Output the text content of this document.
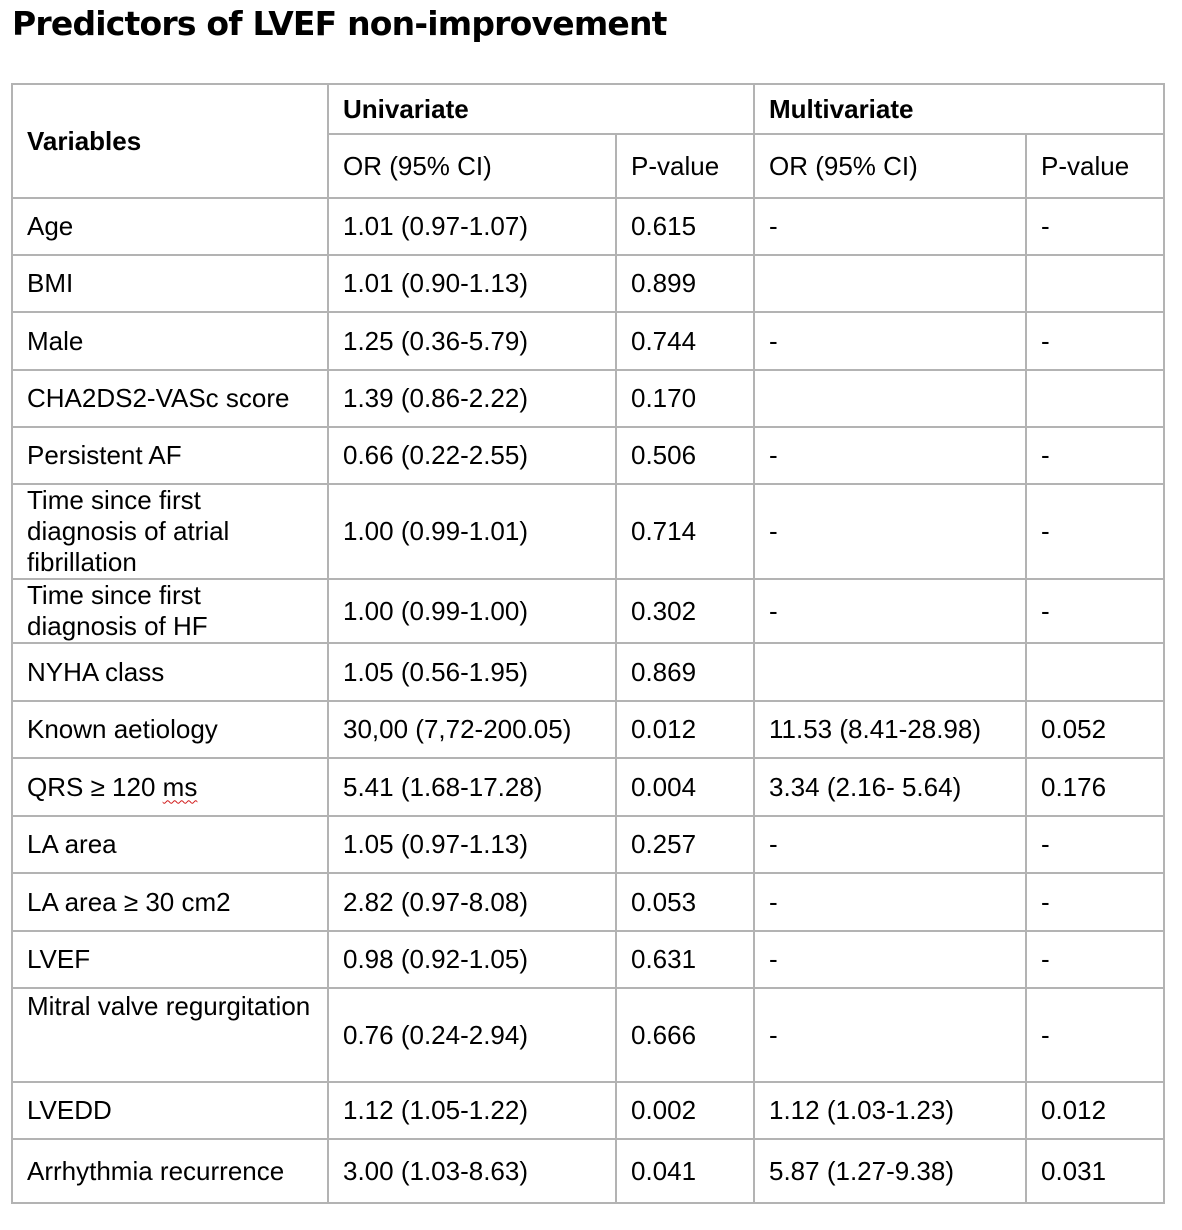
Predictors of LVEF non-improvement
Variables	Univariate		Multivariate	
	OR (95% CI)	P-value	OR (95% CI)	P-value
Age	1.01 (0.97-1.07)	0.615	-	-
BMI	1.01 (0.90-1.13)	0.899		
Male	1.25 (0.36-5.79)	0.744	-	-
CHA2DS2-VASc score	1.39 (0.86-2.22)	0.170		
Persistent AF	0.66 (0.22-2.55)	0.506	-	-
Time since first diagnosis of atrial fibrillation	1.00 (0.99-1.01)	0.714	-	-
Time since first diagnosis of HF	1.00 (0.99-1.00)	0.302	-	-
NYHA class	1.05 (0.56-1.95)	0.869		
Known aetiology	30,00 (7,72-200.05)	0.012	11.53 (8.41-28.98)	0.052
QRS ≥ 120 ms	5.41 (1.68-17.28)	0.004	3.34 (2.16- 5.64)	0.176
LA area	1.05 (0.97-1.13)	0.257	-	-
LA area ≥ 30 cm2	2.82 (0.97-8.08)	0.053	-	-
LVEF	0.98 (0.92-1.05)	0.631	-	-
Mitral valve regurgitation	0.76 (0.24-2.94)	0.666	-	-
LVEDD	1.12 (1.05-1.22)	0.002	1.12 (1.03-1.23)	0.012
Arrhythmia recurrence	3.00 (1.03-8.63)	0.041	5.87 (1.27-9.38)	0.031
